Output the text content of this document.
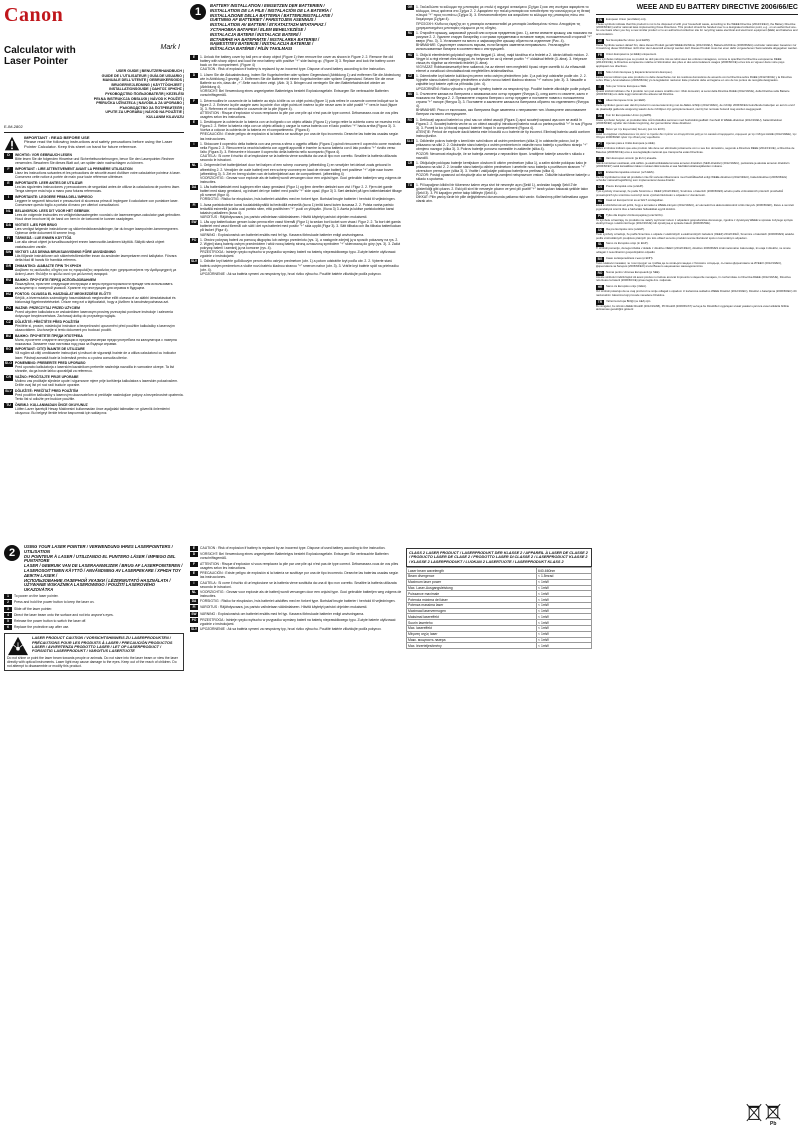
Canon
Calculator with
Laser Pointer
Mark I
USER GUIDE | BENUTZERHANDBUCH |
GUIDE DE L'UTILISATEUR | GUÍA DE USUARIO |
MANUALE DELL'UTENTE | GEBRUIKERSGIDS |
BRUGERVEJLEDNING | KÄYTTÖOHJEET |
INSTALLATIONSGUIDE | ΟΔΗΓΟΣ ΧΡΗΣΗΣ |
РУКОВОДСТВО ПОЛЬЗОВАТЕЛЯ | KEZELÉSI
PEŁNA INSTRUKCJA OBSŁUGI | NÁVOD K POUŽITÍ |
PRÍRUČKA UŽÍVATEĽA | NAVODILA ZA UPORABO |
РЪКОВОДСТВО ЗА ПОТРЕБИТЕЛЯ |
UPUTE ZA UPORABU | NÁVOD NA POUŽITIE |
KULLANIM KILAVUZU
E-IM-2802
IMPORTANT : READ BEFORE USE
Please read the following instructions and safety precautions before using the Laser Pointer Calculator. Keep this sheet on hand for future reference.
D	WICHTIG: VOR GEBRAUCH LESEN
Bitte lesen Sie die folgenden Hinweise und Sicherheitsvorkehrungen, bevor Sie den Laserpointer-Rechner verwenden. Bewahren Sie dieses Blatt auf, um später darin nachschlagen zu können.
F	IMPORTANT : LIRE ATTENTIVEMENT AVANT LA PREMIÈRE UTILISATION
Lisez les instructions suivantes et les précautions de sécurité avant d'utiliser votre calculatrice pointeur à laser. Conservez cette notice à portée de main pour toute référence ultérieure.
E	IMPORTANTE: LEER ANTES DE UTILIZAR
Lea las siguientes instrucciones y precauciones de seguridad antes de utilizar la calculadora de puntero láser. Tenga siempre esta hoja a mano para futuras referencias.
I	IMPORTANTE: LEGGERE PRIMA DELL'IMPIEGO
Leggere le seguenti istruzioni e precauzioni di sicurezza prima di impiegare il calcolatore con puntatore laser. Conservare questo foglio a portata di mano per ulteriori consultazioni.
NL	BELANGRIJK: LEES DIT VOOR HET GEBRUIK
Lees de volgende instructies en veiligheidsmaatregelen voordat u de laserweergave-calculator gaat gebruiken. Houd deze brochure bij de hand om hem in de toekomst te kunnen raadplegen.
DA	VIGTIGT: LÆS FØR BRUG
Læs venligst følgende instruktioner og sikkerhedsforanstaltninger, før du bruger laserpointer-lommeregneren. Opbevar dette dokument til senere brug.
FI	TÄRKEÄÄ : LUE ENNEN KÄYTTÖÄ
Lue alla olevat ohjeet ja turvallisuusohjeet ennen laserosoitin-laskimen käyttöä. Säilytä nämä ohjeet vastaisuuden varalle.
SW	VIKTIGT: LÄS DENNA BRUKSANVISNING FÖRE ANVÄNDNING
Läs följande instruktioner och säkerhetsföreskrifter innan du använder laserpekaren med kalkylator. Förvara detta blad till hands för framtida referens.
GR	ΣΗΜΑΝΤΙΚΟ: ΔΙΑΒΑΣΤΕ ΠΡΙΝ ΤΗ ΧΡΗΣΗ
Διαβάστε τις ακόλουθες οδηγίες και τις προφυλάξεις ασφαλείας πριν χρησιμοποιήσετε την Αριθμομηχανή με Δείκτη Laser. Φυλάξτε το φύλλο αυτό για μελλοντική αναφορά.
RU	ВАЖНО: ПРОЧТИТЕ ПЕРЕД ИСПОЛЬЗОВАНИЕМ
Пожалуйста, прочтите следующие инструкции и меры предосторожности прежде чем использовать калькулятор с лазерной указкой. Храните эту инструкцию для справок в будущем.
HU	FONTOS: OLVASSA EL HASZNÁLAT MEGKEZDÉSE ELŐTT!
Kérjük, a lézermutatós számológép használatának megkezdése előtt olvassa el az alábbi útmutatásokat és biztonsági figyelmeztetéseket. Őrizze meg ezt a tájékoztatót, hogy a jövőben is tanulmányozhassa azt.
PO	WAŻNE: PRZECZYTAJ PRZED UŻYCIEM
Przed użyciem kalkulatora ze wskaźnikiem laserowym prosimy przeczytać poniższe instrukcje i zalecenia dotyczące bezpieczeństwa. Zachowaj ulotkę do przyszłego wglądu.
CZ	DŮLEŽITÉ: PŘEČTĚTE PŘED POUŽITÍM
Přečtěte si, prosím, následující instrukce a bezpečnostní upozornění před použitím kalkulačky s laserovým ukazovátkem. Uschovejte si tento dokument pro budoucí použití.
BU	ВАЖНО: ПРОЧЕТЕТЕ ПРЕДИ УПОТРЕБА
Моля, прочетете следните инструкции и предпазни мерки преди употребата на калкулатора с лазерна показалка. Запазете тази листовка под ръка за бъдещи справки.
RO	IMPORTANT: CITIŢI ÎNAINTE DE UTILIZARE
Vă rugăm să citiţi următoarele instrucţiuni şi măsuri de siguranţă înainte de a utiliza calculatorul cu indicator laser. Păstraţi această foaie la îndemână pentru a o putea consulta ulterior.
SLO POMEMBNO: PREBERITE PRED UPORABO
Pred uporabo kalkulatorja z laserskim kazalnikom preberite naslednja navodila in varnostne ukrepe. Ta list shranite, da ga boste lahko uporabljali za referenco.
CR	VAŽNO: PROČITAJTE PRIJE UPORABE
Molimo vas pročitajte sljedeće upute i sigurnosne mjere prije korištenja kalkulatora s laserskim pokazivačem. Držite ovaj list pri ruci radi buduće uporabe.
SLV DÔLEŽITÉ: PREČÍTAŤ PRED POUŽITÍM
Pred použitím kalkulačky s laserovým ukazovateľom si prečítajte nasledujúce pokyny a bezpečnostné opatrenia. Tento list si odložte pre budúce použitie.
TU	ÖNEMLİ: KULLANMADAN ÖNCE OKUYUNUZ
Lütfen Lazer İşaretçili Hesap Makinesini kullanmadan önce aşağıdaki talimatları ve güvenlik önlemlerini okuyunuz. Bu belgeyi ileride tekrar başvurmak için saklayınız.
1
BATTERY INSTALLATION / EINSETZEN DER BATTERIEN /
INSTALLATION DE LA PILE / INSTALACIÓN DE LA BATERÍA /
INSTALLAZIONE DELLA BATTERIA / BATTERIJINSTALLATIE /
ISÆTNING AF BATTERIET / PARISTOJEN ASENNUS /
INSTALLATION AV BATTERI / ΕΓΚΑΤΑΣΤΑΣΗ ΜΠΑΤΑΡΙΑΣ /
УСТАНОВКА БАТАРЕИ / ELEM BEHELYEZÉSE /
INSTALACJA BATERII / INSTALACE BATERIÍ /
ВСТАВЯНЕ НА БАТЕРИИТЕ / INSTALAREA BATERIEI /
NAMESTITEV BATERIJE / INSTALACIJA BATERIJE /
INŠTALÁCIA BATÉRIE / PİLİN TAKILMASI
E	1. Unlock the battery cover by ball pen or sharp object (Figure 1) then remove the cover as shown in Figure 2. 2. Remove the old battery with sharp object and load the new battery with positive "+" side facing up. (Figure 3) 3. Replace and lock the battery cover back on the compartment. (Figure 4)
CAUTION : Risk of explosion if battery is replaced by an incorrect type. Dispose of used battery according to the instruction.
D	1. Lösen Sie die Akkuabdeckung, indem Sie Kugelschreiber oder spitzen Gegenstand (Abbildung 1) und entfernen Sie die Abdeckung wie in Abbildung 2 gezeigt. 2. Entfernen Sie die Batterie mit einem Kugelschreiber oder spitzen Gegenstand. Setzen Sie die neue Batterie so ein, dass die „+"-Seite nach oben zeigt. (Abb. 3) 3. Bringen und verriegeln Sie den Batteriefachdeckel wieder an (Abbildung 4).
VORSICHT: Bei Verwendung eines ungeeigneten Batterietyps besteht Explosionsgefahr. Entsorgen Sie verbrauchte Batterien vorschriftsgemäß.
F	1. Déverrouillez le couvercle de la batterie au stylo à bille ou un objet pointu (figure 1) puis retirez le couvercle comme indiqué sur la figure 2. 2. Enlevez la pile usagée avec la pointe d'un objet pointu et insérez la pile neuve avec le côté positif "+" vers le haut (figure 3). 3. Refermez et verrouillez le couvercle de la pile (figure 4).
ATTENTION : Risque d'explosion si vous remplacez la pile par une pile qui n'est pas de type correct. Débarrassez-vous de vos piles usagées selon les instructions.
E	1. Desbloquee la cubierta de la batería con un bolígrafo o un objeto afilado (Figura 1) y luego retire la cubierta como se muestra en la Figura 2. 2. Retire la batería vieja con un objeto afilado y cargue la nueva batería con el lado positivo "+" hacia arriba (Figura 3). 3. Vuelva a colocar la cubierta de la batería en el compartimento. (Figura 4)
PRECAUCIÓN : Existe peligro de explosión si la batería se sustituye por una de tipo incorrecto. Deseche las baterías usadas según las instrucciones.
I	1. Sbloccare il coperchio della batteria con una penna a sfera o oggetto affilato (Figura 1) quindi rimuovere il coperchio come mostrato nella Figura 2. 2. Rimuovere la vecchia batteria con oggetti appuntiti e inserire la nuova batteria con il lato positivo "+" rivolto verso l'alto (Figura 3). 3. Reinserire e bloccare il coperchio della batteria nello scomparto (Figura 4).
CAUTELA : Si corre il rischio di un'esplosione se la batteria viene sostituita da una di tipo non corretto. Smaltire la batteria utilizzata secondo le istruzioni.
NL	1. Ontgrendel het batterijdeksel door het balpen of een scherp voorwerp (afbeelding 1) en verwijder het deksel zoals getoond in afbeelding 2. 2. Verwijder de oude batterij met een scherp voorwerp en laad de nieuwe batterij met positieve "+" zijde naar boven (afbeelding 3). 3. Zet en breng sluiten van de batterijdeksel aan de compartiment. (afbeelding 4)
VOORZICHTIG : Gevaar voor explosie als de batterij wordt vervangen door een onjuist type. Gooi gebruikte batterijen weg volgens de instructies.
DA	1. Lås batteridækslet med kuglepen eller skarp genstand (Figur 1) og fjern derefter dækslet som vist i Figur 2. 2. Fjern det gamle batteri med skarp genstand, og indsæt det nye batteri med positiv "+" side opad. (figur 3) 3. Sæt dækslet på igen batteridækslet tilbage på rummet (figur 4).
FORSIGTIG : Risiko for eksplosion, hvis batteriet udskiftes med en forkert type. Bortskaf brugte batterier i henhold til vejledningen.
FI	1. Avaa paristokotelon kansi kuulakärkikynällä tai terävällä esineellä (kuva 1) imitä kansi kuten kuvassa 2. 2. Poista vanha paristo terävällä esineellä ja laita uusi paristo siten, että positiivinen "+" puoli on ylöspäin. (Kuva 3) 3. Aseta ja lukitse paristokotelon kansi takaisin paikalleen (kuva 4).
VAROITUS : Räjähdysvaara, jos paristo vaihdetaan vääränlaiseen. Hävitä käytetyt paristot ohjeiden mukaisesti.
SW	1. Lås upp batteriluckan genom kulan penna eller vasst föremål (Figur 1) ta sedan bort locket som visas i Figur 2. 2. Ta bort det gamla batteriet med vasst föremål och sätt i det nya batteriet med positiv "+" sida uppåt (Figur 3). 3. Sätt tillbaka och lås tillbaka batteriluckan på facket (Figur 4).
VARNING : Explosionsrisk om batteriet ersätts med fel typ. Kassera förbrukade batterier enligt anvisningarna.
PO	1. Otwórz pokrywę baterii za pomocą długopisu lub ostrego przedmiotu (rys. 1), a następnie zdejmij ją w sposób pokazany na rys. 2. 2. Wyjmij starą baterię ostrym przedmiotem i włóż nową baterię stroną oznaczoną symbolem "+" skierowaną do góry (rys. 3). 3. Załóż pokrywę baterii i zamknij ją na komorze (rys. 4).
PRZESTROGA : Istnieje ryzyko wybuchu w przypadku wymiany baterii na baterię nieprawidłowego typu. Zużyte baterie utylizować zgodnie z instrukcjami.
SLV 1. Odistite kryt batérie guľôčkovým perom alebo ostrým predmetom (obr. 1) a potom odstráňte kryt podľa obr. 2. 2. Vyberte starú batériu ostrým predmetom a vložte novú batériu kladnou stranou "+" smerom nahor (obr. 3). 3. Vráťte kryt batérie späť na priehradku (obr. 4).
UPOZORNENIE : Ak sa batéria vymení za nesprávny typ, hrozí riziko výbuchu. Použité batérie zlikvidujte podľa pokynov.
GR	1. Ξεκλειδώστε το κάλυμμα της μπαταρίας με στυλό ή αιχμηρό αντικείμενο (Σχήμα 1) και στη συνέχεια αφαιρέστε το κάλυμμα, όπως φαίνεται στο Σχήμα 2. 2. Αφαιρέστε την παλιά μπαταρία και τοποθετήστε την καινούργια με τη θετική πλευρά "+" προς τα επάνω (Σχήμα 3). 3. Επανατοποθετήστε και ασφαλίστε το κάλυμμα της μπαταρίας πίσω στο διαμέρισμα (Σχήμα 4).
ΠΡΟΣΟΧΗ: Κίνδυνος έκρηξης αν η μπαταρία αντικατασταθεί με μπαταρία λανθασμένου τύπου. Απορρίψτε τις χρησιμοποιημένες μπαταρίες σύμφωνα με τις οδηγίες.
RU	1. Откройте крышку, шариковой ручкой или острым предметом (рис. 1), затем снимите крышку, как показано на рисунке 2. 2. Удалите старую батарейку с острыми предметами и вставьте новую, положительной стороной "+" вверх (Рис. 3). 3. Установите на место и зафиксируйте крышку обратно на отделение (Рис. 4).
ВНИМАНИЕ: Существует опасность взрыва, если батарея заменена неправильно. Утилизируйте использованные батареи в соответствии с инструкцией.
HU	1. Oldja ki elemfedelet golyóstoll vagy éles tárgyat (1. ábra), majd távolítsa el a fedelet a 2. ábrán látható módon. 2. Vegye ki a régi elemet éles tárggyal, és helyezze be az új elemet pozitív "+" oldalával felfelé (3. ábra). 3. Helyezze vissza és rögzítse az elemtartó fedelét (4. ábra).
VIGYÁZAT: Robbanásveszélyt fenn sallamok, ha az elemet nem megfelelő típusú végre cserélik ki. Az elhasznált elemet a vonatkozó útmutatásoknak megfelelően ártalmatlanítsa.
CZ	1. Odemkněte kryt baterie kuličkovým perem nebo ostrým předmětem (obr. 1) a pak kryt odstraňte podle obr. 2. 2. Vyjměte starou baterii ostrým předmětem a vložte novou baterii kladnou stranou "+" nahoru (obr. 3). 3. Nasaďte a zajistěte kryt baterie zpět na přihrádku (obr. 4).
UPOZORNĚNÍ: Riziko výbuchu v případě výměny baterie za nesprávný typ. Použité baterie zlikvidujte podle pokynů.
BU	1. Отключете капака на батерията с химикалка или остър предмет (Фигура 1), след което го свалете, както е показано на Фигура 2. 2. Премахнете старата батерия с остър предмет и поставете новата с положителна страна "+" нагоре (Фигура 3). 3. Поставете и заключете капака на батерията обратно на отделението (Фигура 4).
ВНИМАНИЕ: Риск от експлозия, ако батерията бъде заменена с неправилен тип. Изхвърлете използваните батерии съгласно инструкциите.
RO	1. Deblocaţi capacul bateriei cu pixul sau un obiect ascuţit (Figura 1) apoi scoateţi capacul aşa cum se arată în Figura 2. 2. Scoateţi bateria veche cu un obiect ascuţit şi introduceţi bateria nouă cu partea pozitivă "+" în sus (Figura 3). 3. Puneţi la loc şi blocaţi capacul bateriei înapoi în compartiment (Figura 4).
ATENŢIE: Pericol de explozie dacă bateria este înlocuită cu o baterie de tip incorect. Eliminaţi bateria uzată conform instrucţiunilor.
SLO 1. Odklenite pokrov baterije s kemičnim svinčnikom ali ostrim predmetom (slika 1) in odstranite pokrov, kot je prikazano na sliki 2. 2. Odstranite staro baterijo z ostrim predmetom in vstavite novo baterijo s pozitivno stranjo "+" obrnjeno navzgor (slika 3). 3. Pokrov baterije ponovno namestite in zaklenite (slika 4).
POZOR: Nevarnost eksplozije, če se baterija zamenja z nepravilnim tipom. Izrabljene baterije zavrzite v skladu z navodili.
CR	1. Otključajte poklopac baterije kemijskom olovkom ili oštrim predmetom (slika 1), a zatim skinite poklopac kako je prikazano na slici 2. 2. Izvadite staru bateriju oštrim predmetom i umetnite novu bateriju s pozitivnom stranom "+" okrenutom prema gore (slika 3). 3. Vratite i zaključajte poklopac baterije na pretinac (slika 4).
POZOR: Postoji opasnost od eksplozije ako se baterija zamijeni neispravnom vrstom. Odložite iskorištene baterije u skladu s uputama.
TU	1. Pil kapağının kilidini bir tükenmez kalem veya sivri bir nesneyle açın (Şekil 1), ardından kapağı Şekil 2'de gösterildiği gibi çıkarın. 2. Eski pili sivri bir nesneyle çıkarın ve yeni pili pozitif "+" tarafı yukarı bakacak şekilde takın (Şekil 3). 3. Pil kapağını yerine takıp kilitleyin (Şekil 4).
DİKKAT: Pilin yanlış türde bir pille değiştirilmesi durumunda patlama riski vardır. Kullanılmış pilleri talimatlara uygun olarak atın.
WEEE AND EU BATTERY DIRECTIVE 2006/66/EC
EN	European Union (and EEA) only.
These symbols indicate that this product is not to be disposed of with your household waste, according to the WEEE Directive (2012/19/EU), the Battery Directive (2006/66/EC) and/or national laws implementing those Directives. This product should be handed over to a designated collection point, e.g., on an authorized one-for-one basis when you buy a new similar product or to an authorized collection site for recycling waste electrical and electronic equipment (EEE) and batteries and accumulators.
DE	Nur Europäische Union (und EWR).
Diese Symbole weisen darauf hin, dass dieses Produkt gemäß WEEE-Richtlinie (2012/19/EU), Batterie-Richtlinie (2006/66/EG) und/oder nationalen Gesetzen zur Umsetzung dieser Richtlinien nicht über den Hausmüll entsorgt werden darf. Dieses Produkt muss bei einer dafür vorgesehenen Sammelstelle abgegeben werden.
FR	Union Européenne (et EEE) uniquement.
Ces symboles indiquent que ce produit ne doit pas être mis au rebut avec les ordures ménagères, comme le spécifient la Directive européenne DEEE (2012/19/UE), la Directive européenne relative à l'élimination des piles et des accumulateurs usagés (2006/66/CE) et les lois en vigueur dans votre pays appliquant ces directives.
ES	Sólo Unión Europea (y Espacio Económico Europeo).
Estos iconos indican que este producto no debe desecharse con los residuos domésticos de acuerdo con la Directiva sobre RAEE (2012/19/UE) y la Directiva sobre Pilas y Acumuladores (2006/66/CE) y/o la legislación nacional. Este producto debe entregarse en uno de los puntos de recogida designados.
IT	Solo per Unione Europea e SEE.
Questi simboli indicano che il prodotto non può essere smaltito con i rifiuti domestici, ai sensi della Direttiva RAEE (2012/19/UE), della Direttiva sulle Batterie (2006/66/CE) e/o delle leggi nazionali che attuano tali Direttive.
NL	Alleen Europese Unie (en EER).
Deze symbolen geven aan dat dit product in overeenstemming met de AEEA-richtlijn (2012/19/EU), de richtlijn 2006/66/EG betreffende batterijen en accu's en/of de plaatselijk geldende wetgeving waarin deze richtlijnen zijn geïmplementeerd, niet bij het normale huisvuil mag worden weggegooid.
DA	Kun for Europæiske Union (og EØS).
Disse symboler betyder, at produktet ikke må bortskaffes sammen med husholdningsaffald i henhold til WEEE-direktivet (2012/19/EU), batteridirektivet (2006/66/EF) og/eller den lokale lovgivning, der gennemfører disse direktiver.
EL	Μόνο για την Ευρωπαϊκή Ένωση (και τον ΕΟΧ).
Αυτά τα σύμβολα υποδεικνύουν ότι αυτό το προϊόν δεν πρέπει να απορρίπτεται μαζί με τα οικιακά απορρίμματα, σύμφωνα με την Οδηγία ΑΗΗΕ (2012/19/ΕΕ), την Οδηγία 2006/66/ΕΚ ή/και την εθνική σας νομοθεσία.
PT	Apenas para a União Europeia (e AEE).
Estes símbolos indicam que este produto não deve ser eliminado juntamente com o seu lixo doméstico, segundo a Directiva REEE (2012/19/UE), a Directiva de Baterias (2006/66/CE) e/ou a sua legislação nacional que transponha estas Directivas.
FI	Vain Euroopan unionin (ja EU:n) alueelle.
Nämä tunnukset osoittavat, että sähkö- ja elektroniikkalaiteromusta annetun direktiivin (SER-direktiivi) (2012/19/EU), paristoista ja akuista annetun direktiivin (2006/66/EY) sekä kansallisten lakien mukaan tätä tuotetta ei saa hävittää kotitalousjätteiden mukana.
SV	Endast Europeiska unionen (och EES).
De här symbolerna visar att produkten inte får sorteras tillsammans med hushållsavfall enligt WEEE-direktivet (2012/19/EU), batteridirektivet (2006/66/EG) och/eller nationell lagstiftning som implementerar dessa direktiv.
CS	Pouze Evropská unie (a EHP).
Tyto symboly znamenají, že podle Směrnice o OEEZ (2012/19/EU), Směrnice o bateriích (2006/66/ES) a/nebo podle vnitrostátních právních prostředků prosazujících tyto směrnice nemá být tento výrobek likvidován s odpadem z domácností.
HU	Csak az Európai Unió és az EGT országaiban.
Ezek a szimbólumok azt jelzik, hogy a terméket a WEEE-irányelv (2012/19/EU), az elemekről és akkumulátorokról szóló irányelv (2006/66/EK), illetve a nemzeti jogszabályok szerint tilos a háztartási hulladékkal együtt kidobni.
PL	Tylko dla krajów Unii Europejskiej (oraz EOG).
Te symbole oznaczają, że produktu nie należy wyrzucać razem z odpadami gospodarstwa domowego, zgodnie z dyrektywą WEEE w sprawie zużytego sprzętu elektrycznego i elektronicznego (2012/19/UE) lub dyrektywą w sprawie baterii (2006/66/WE).
SK	Iba pre Európsku úniu (a EHP).
Tieto symboly označujú, že podľa Smernice o odpade z elektrických a elektronických zariadení (OEEZ) 2012/19/EÚ, Smernice o batériách (2006/66/ES) a/alebo podľa vnútroštátnych predpisov platných pre túto oblasť sa tento produkt nesmie likvidovať spolu s komunálnym odpadom.
SL	Samo za Evropsko unijo (in EGP).
Ti simboli pomenijo, da tega izdelka v skladu z direktivo OEEO (2012/19/EU), direktivo 2006/66/ES in/ali nacionalno zakonodajo, ki uvaja ti direktivi, ne smete odlagati z nesortiranimi gospodinjskimi odpadki.
BG	Само за Европейския съюз (и ЕИП).
Тези символи показват, че този продукт не трябва да се изхвърля заедно с битовите отпадъци, съгласно Директивата за ИУЕЕО (2012/19/ЕС), Директивата за батерии (2006/66/ЕО) и/или Вашето национално законодателство.
RO	Numai pentru Uniunea Europeană (şi SEE).
Aceste simboluri indică faptul că acest produs nu trebuie aruncat împreună cu deşeurile menajere, în conformitate cu Directiva DEEE (2012/19/UE), Directiva referitoare la baterii (2006/66/CE) şi/sau legile dvs. naţionale.
HR	Samo za Europsku uniju (i EEA).
Ovi simboli pokazuju da se ovaj proizvod ne smije odlagati s otpadom iz kućanstva sukladno WEEE Direktivi (2012/19/EC), Direktivi o baterijama (2006/66/EC) i/ili nacionalnim zakonima koji provode navedene Direktive.
TR	Yalnızca Avrupa Birliği (ve AEA) için.
Bu simgeler, bu ürünün AEEE Direktifi (2012/19/AB), Pil Direktifi (2006/66/AT) ve/veya bu Direktifleri uygulayan ulusal yasalar uyarınca evsel atıklarla birlikte atılmaması gerektiğini gösterir.
Pb
2
USING YOUR LASER POINTER / VERWENDUNG IHRES LASERPOINTERS / UTILISATION
DU POINTEUR À LASER / UTILIZANDO EL PUNTERO LÁSER / IMPIEGO DEL PUNTATORE
LASER / GEBRUIK VAN DE LASERAANWIJZER / BRUG AF LASERPOINTEREN /
LASEROSOITTIMEN KÄYTTÖ / ANVÄNDNING AV LASERPEKARE / ΧΡΗΣΗ ΤΟΥ ΔΕΙΚΤΗ LASER /
ИСПОЛЬЗОВАНИЕ ЛАЗЕРНОЙ УКАЗКИ / LÉZERMUTATÓ HASZNÁLATA /
UŻYWANIE WSKAŹNIKA LASEROWEGO / POUŽITÍ LASEROVÉHO UKAZOVÁTKA
1	To power on the laser pointer.
2	Press and hold the power button to keep the laser on.
3	Slide off the laser pointer.
4	Direct the laser beam onto the surface and not into anyone's eyes.
5	Release the power button to switch the laser off.
6	Replace the protective cap after use.
LASER PRODUCT CAUTION / VORSICHTSHINWEIS ZU LASERPRODUKTEN / PRÉCAUTIONS POUR LES PRODUITS À LASER / PRECAUCIÓN PRODUCTOS LÁSER / AVVERTENZA PRODOTTO LASER / LET OP LASERPRODUCT / FORSIGTIG LASERPRODUKT / VAROITUS LASERTUOTE
Do not shine or point the laser beam towards people or animals. Do not stare into the laser beam or view the laser directly with optical instruments. Laser light may cause damage to the eyes. Keep out of the reach of children. Do not attempt to disassemble or modify this product.
E	CAUTION : Risk of explosion if battery is replaced by an incorrect type. Dispose of used battery according to the instruction.
D	VORSICHT: Bei Verwendung eines ungeeigneten Batterietyps besteht Explosionsgefahr. Entsorgen Sie verbrauchte Batterien vorschriftsgemäß.
F	ATTENTION : Risque d'explosion si vous remplacez la pile par une pile qui n'est pas de type correct. Débarrassez-vous de vos piles usagées selon les instructions.
E	PRECAUCIÓN : Existe peligro de explosión si la batería se sustituye por una de tipo incorrecto. Deseche las baterías usadas según las instrucciones.
I	CAUTELA : Si corre il rischio di un'esplosione se la batteria viene sostituita da una di tipo non corretto. Smaltire la batteria utilizzata secondo le istruzioni.
NL	VOORZICHTIG : Gevaar voor explosie als de batterij wordt vervangen door een onjuist type. Gooi gebruikte batterijen weg volgens de instructies.
DA	FORSIGTIG : Risiko for eksplosion, hvis batteriet udskiftes med en forkert type. Bortskaf brugte batterier i henhold til vejledningen.
FI	VAROITUS : Räjähdysvaara, jos paristo vaihdetaan vääränlaiseen. Hävitä käytetyt paristot ohjeiden mukaisesti.
SW	VARNING : Explosionsrisk om batteriet ersätts med fel typ. Kassera förbrukade batterier enligt anvisningarna.
PO	PRZESTROGA : Istnieje ryzyko wybuchu w przypadku wymiany baterii na baterię nieprawidłowego typu. Zużyte baterie utylizować zgodnie z instrukcjami.
SLV UPOZORNENIE : Ak sa batéria vymení za nesprávny typ, hrozí riziko výbuchu. Použité batérie zlikvidujte podľa pokynov.
CLASS 2 LASER PRODUCT / LASERPRODUKT DER KLASSE 2 / APPAREIL À LASER DE CLASSE 2 / PRODUCTO LÁSER DE CLASE 2 / PRODOTTO LASER DI CLASSE 2 / LASERPRODUCT KLASSE 2 / KLASSE 2 LASERPRODUKT / LUOKAN 2 LASERTUOTE / LASERPRODUKT KLASS 2
Laser beam wavelength	640-660nm
Beam divergence	< 1.5mrad
Maximum laser power	< 1mW
Max. Laser-Ausgangsleistung	< 1mW
Puissance maximale	< 1mW
Potencia máxima del láser	< 1mW
Potenza massima laser	< 1mW
Maximaal laservermogen	< 1mW
Maksimal lasereffekt	< 1mW
Suurin laserteho	< 1mW
Max. lasereffekt	< 1mW
Μέγιστη ισχύς laser	< 1mW
Макс. мощность лазера	< 1mW
Max. lézerteljesítmény	< 1mW
